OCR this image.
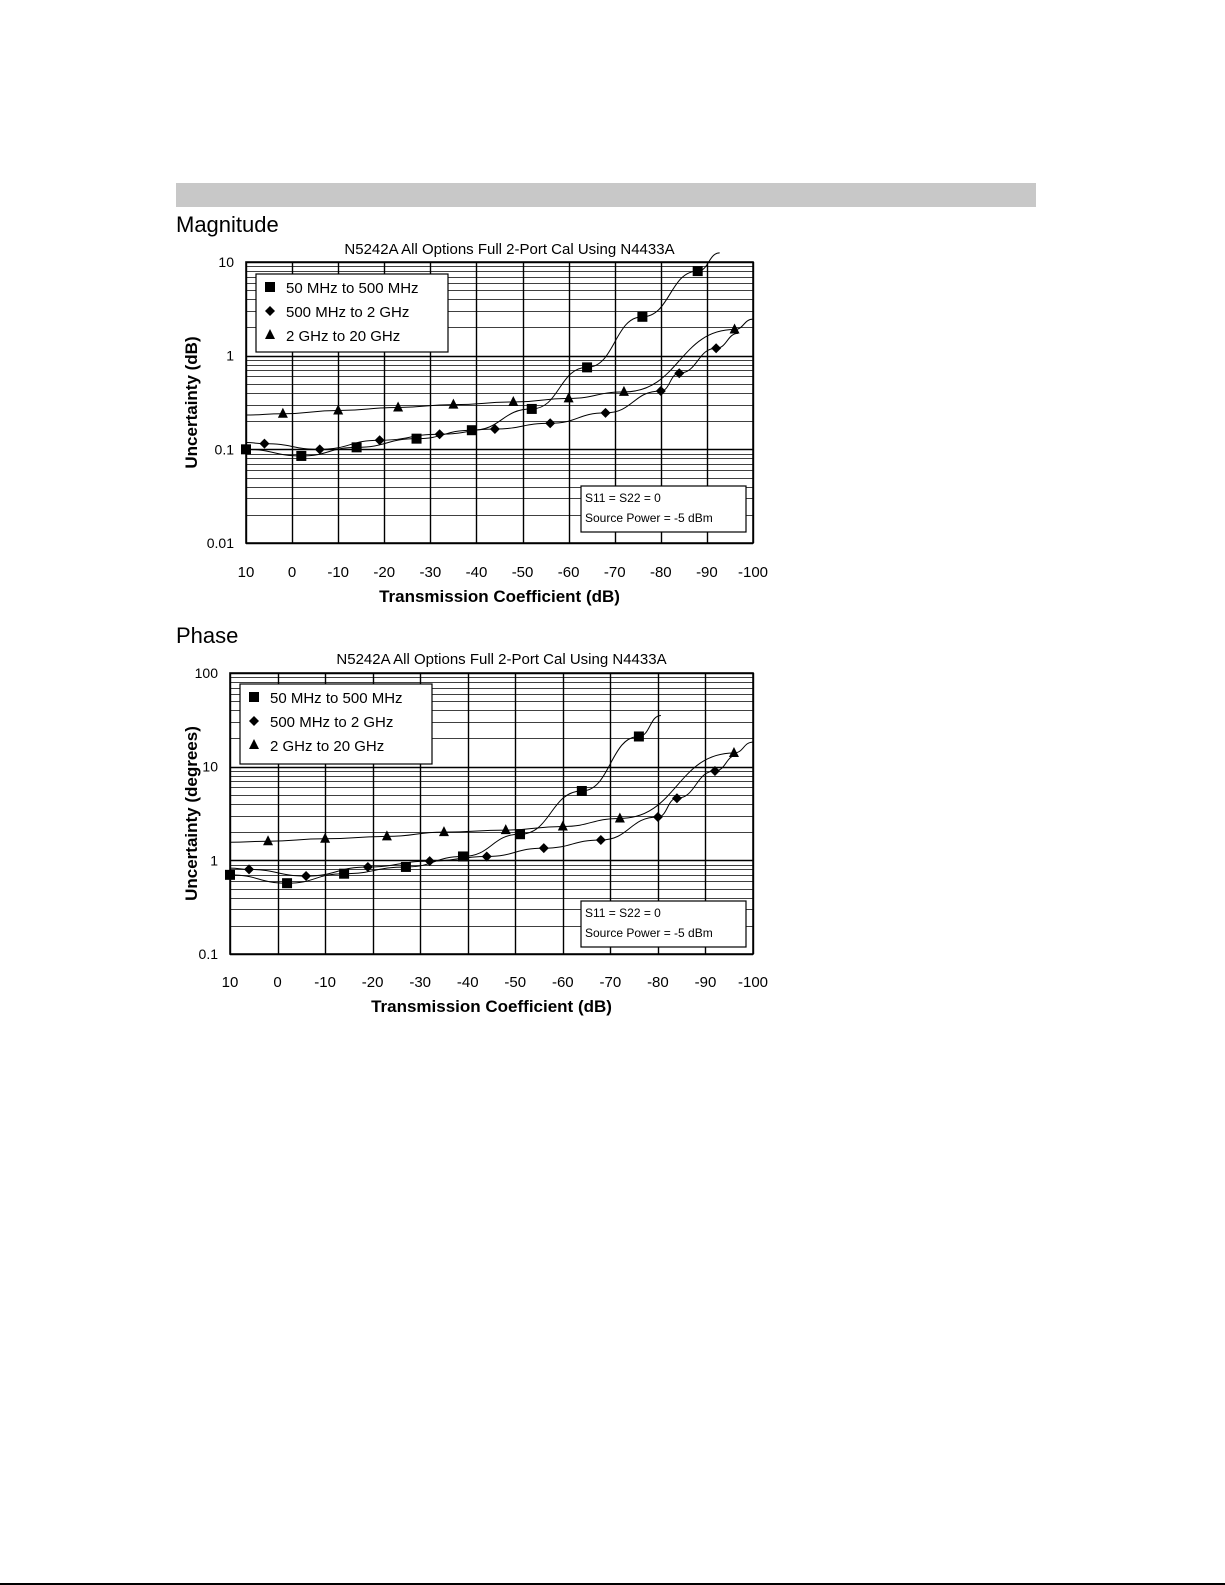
Magnitude
Phase
N5242A All Options Full 2-Port Cal Using N4433A
10 0 -10 -20 -30 -40 -50 -60 -70 -80 -90 -100
0.01
0.1
1
10
Transmission Coefficient (dB)
Uncertainty (dB)
50 MHz to 500 MHz
500 MHz to 2 GHz
2 GHz to 20 GHz
S11 = S22 = 0
Source Power = -5 dBm
N5242A All Options Full 2-Port Cal Using N4433A
10 0 -10 -20 -30 -40 -50 -60 -70 -80 -90 -100
0.1
1
10
100
Transmission Coefficient (dB)
Uncertainty (degrees)
50 MHz to 500 MHz
500 MHz to 2 GHz
2 GHz to 20 GHz
S11 = S22 = 0
Source Power = -5 dBm
